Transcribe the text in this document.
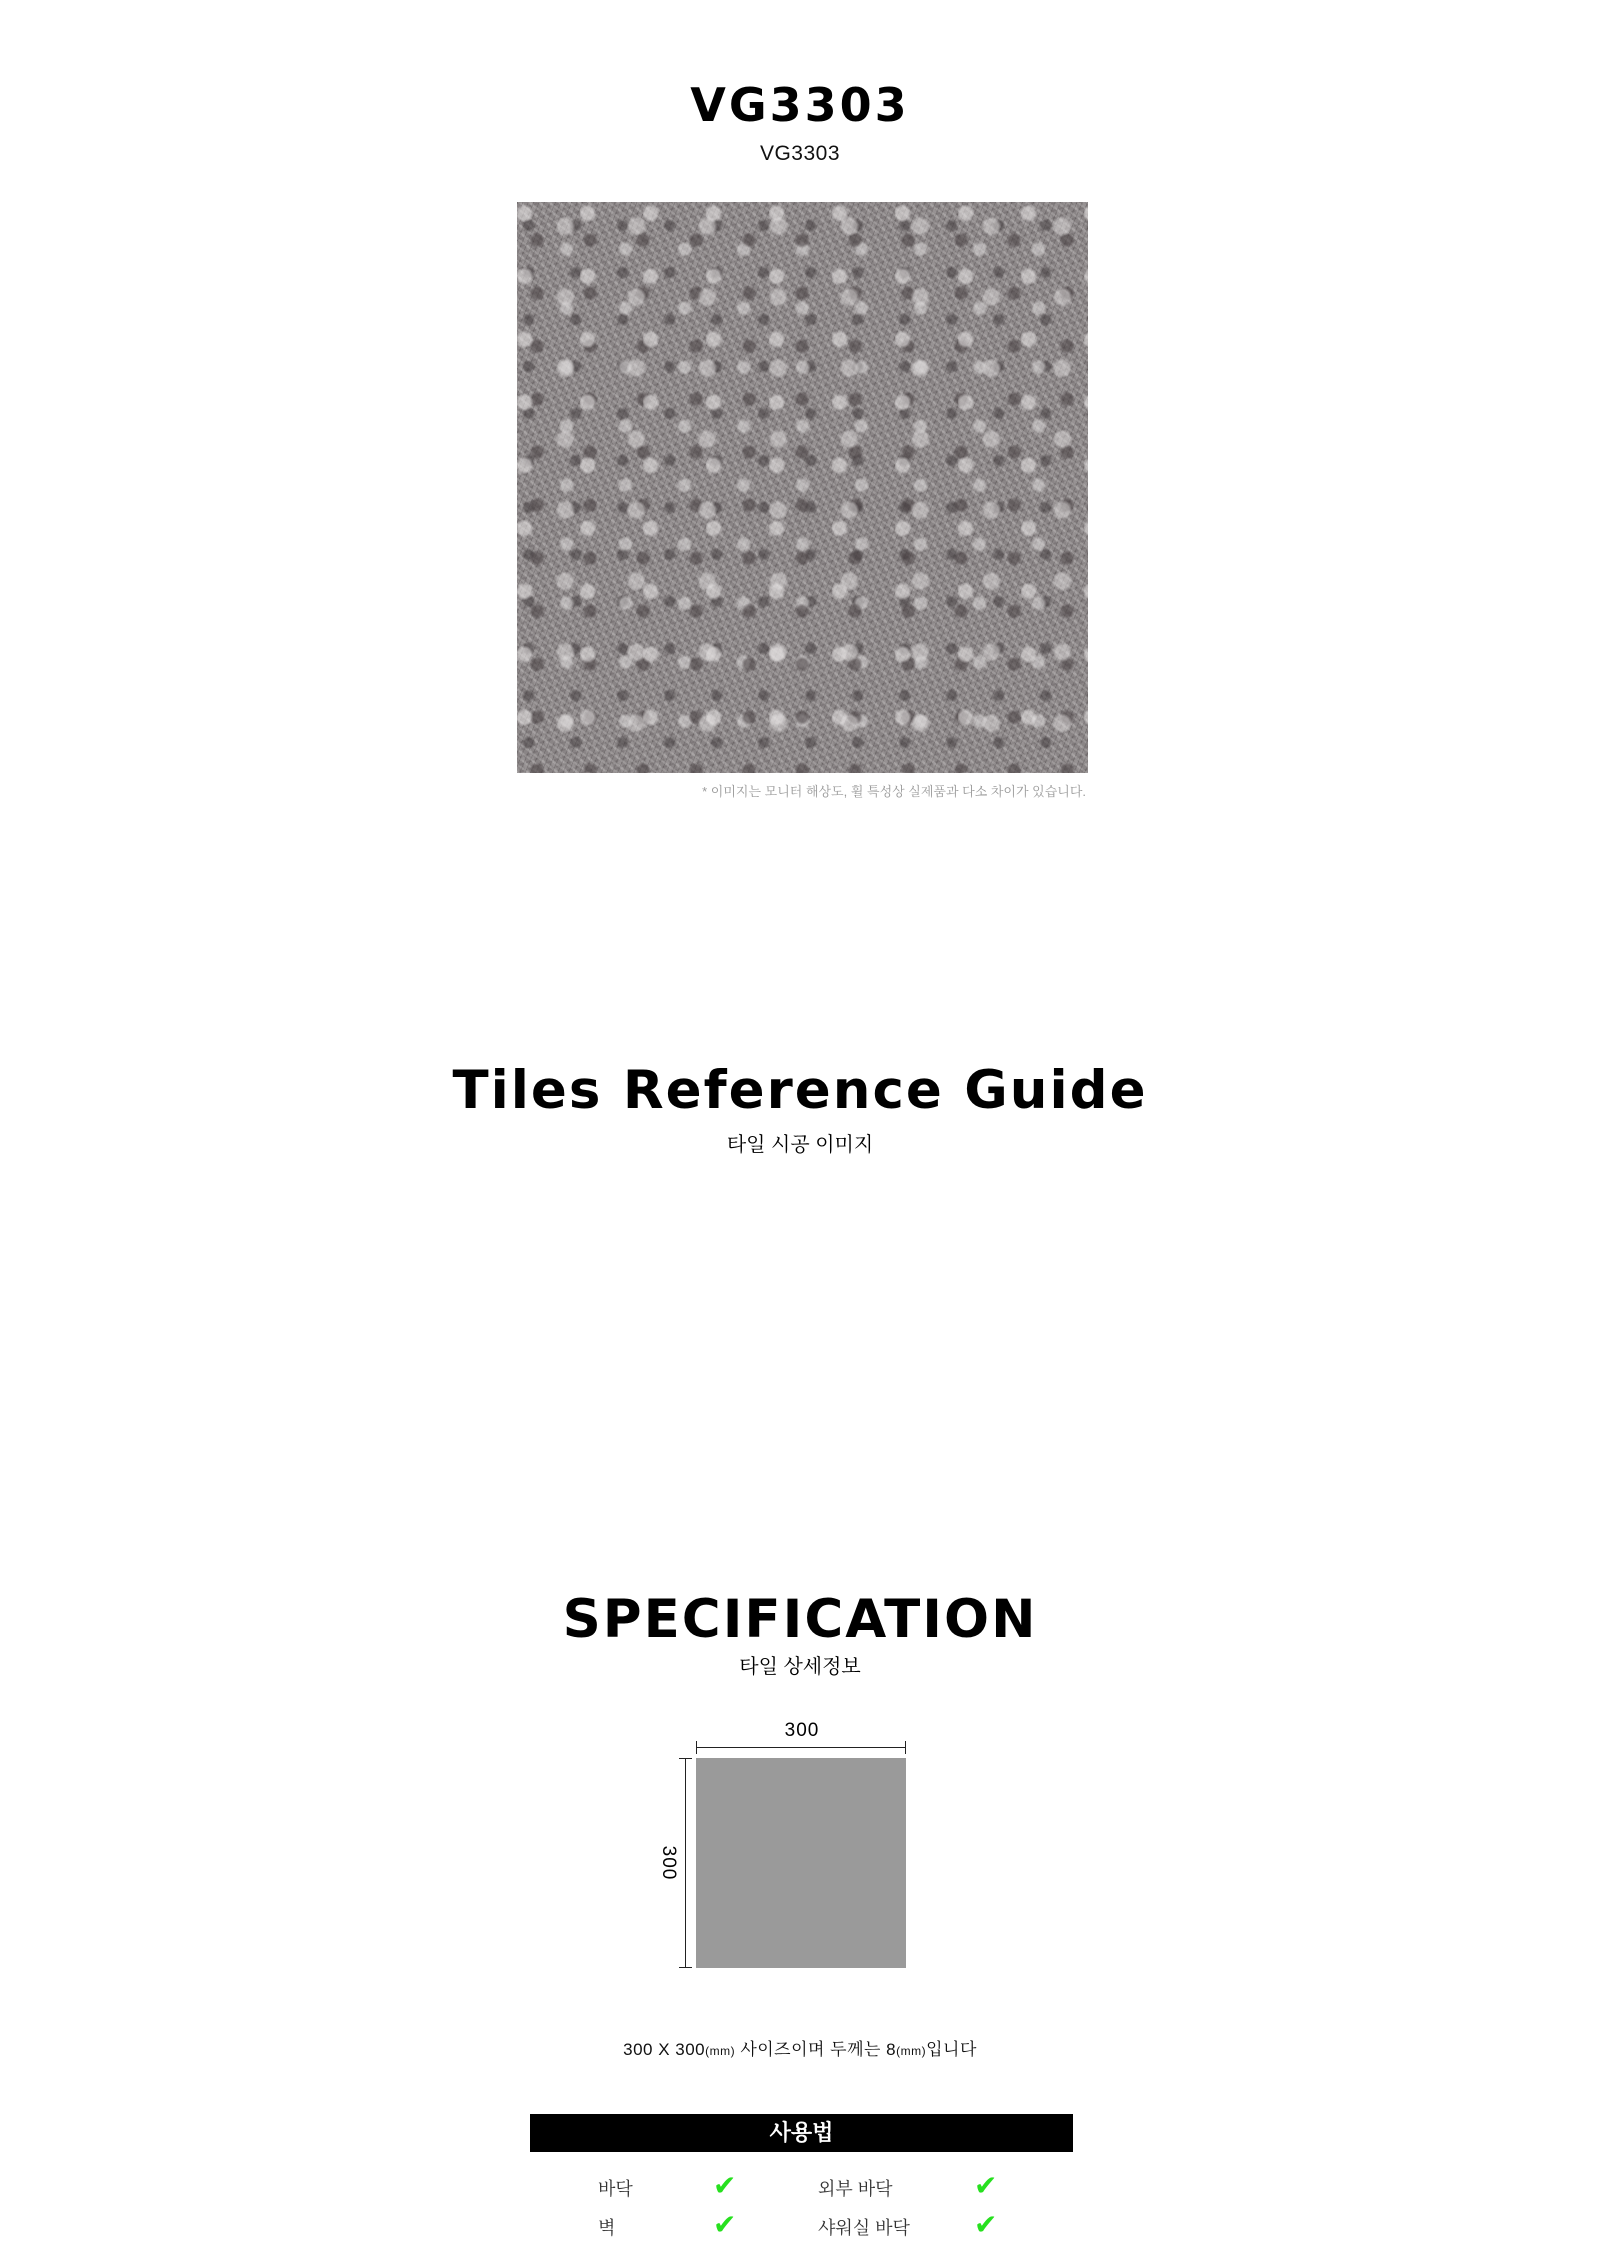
VG3303
VG3303
* 이미지는 모니터 해상도, 휠 특성상 실제품과 다소 차이가 있습니다.
Tiles Reference Guide
타일 시공 이미지
SPECIFICATION
타일 상세정보
300
300
300 X 300(mm) 사이즈이며 두께는 8(mm)입니다
사용법
바닥	✔	외부 바닥	✔
벽	✔	샤워실 바닥 ✔
